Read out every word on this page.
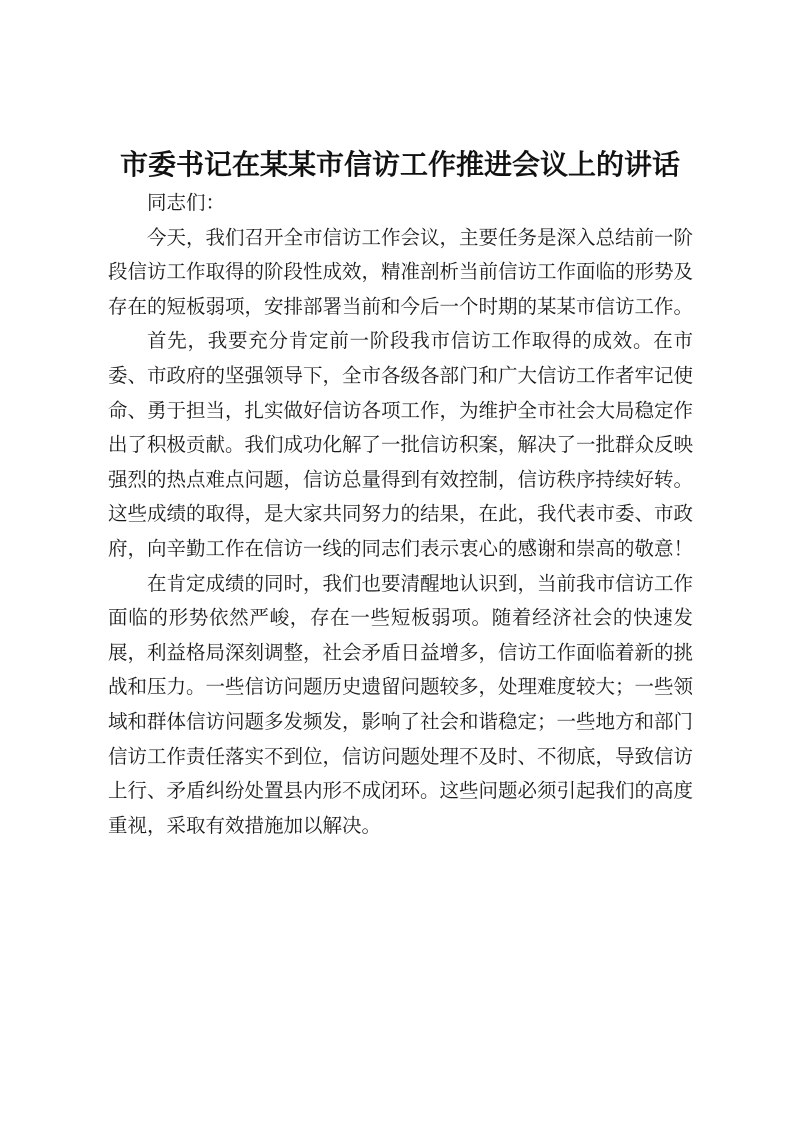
市委书记在某某市信访工作推进会议上的讲话

同志们：

今天，我们召开全市信访工作会议，主要任务是深入总结前一阶段信访工作取得的阶段性成效，精准剖析当前信访工作面临的形势及存在的短板弱项，安排部署当前和今后一个时期的某某市信访工作。

首先，我要充分肯定前一阶段我市信访工作取得的成效。在市委、市政府的坚强领导下，全市各级各部门和广大信访工作者牢记使命、勇于担当，扎实做好信访各项工作，为维护全市社会大局稳定作出了积极贡献。我们成功化解了一批信访积案，解决了一批群众反映强烈的热点难点问题，信访总量得到有效控制，信访秩序持续好转。这些成绩的取得，是大家共同努力的结果，在此，我代表市委、市政府，向辛勤工作在信访一线的同志们表示衷心的感谢和崇高的敬意！

在肯定成绩的同时，我们也要清醒地认识到，当前我市信访工作面临的形势依然严峻，存在一些短板弱项。随着经济社会的快速发展，利益格局深刻调整，社会矛盾日益增多，信访工作面临着新的挑战和压力。一些信访问题历史遗留问题较多，处理难度较大；一些领域和群体信访问题多发频发，影响了社会和谐稳定；一些地方和部门信访工作责任落实不到位，信访问题处理不及时、不彻底，导致信访上行、矛盾纠纷处置县内形不成闭环。这些问题必须引起我们的高度重视，采取有效措施加以解决。
